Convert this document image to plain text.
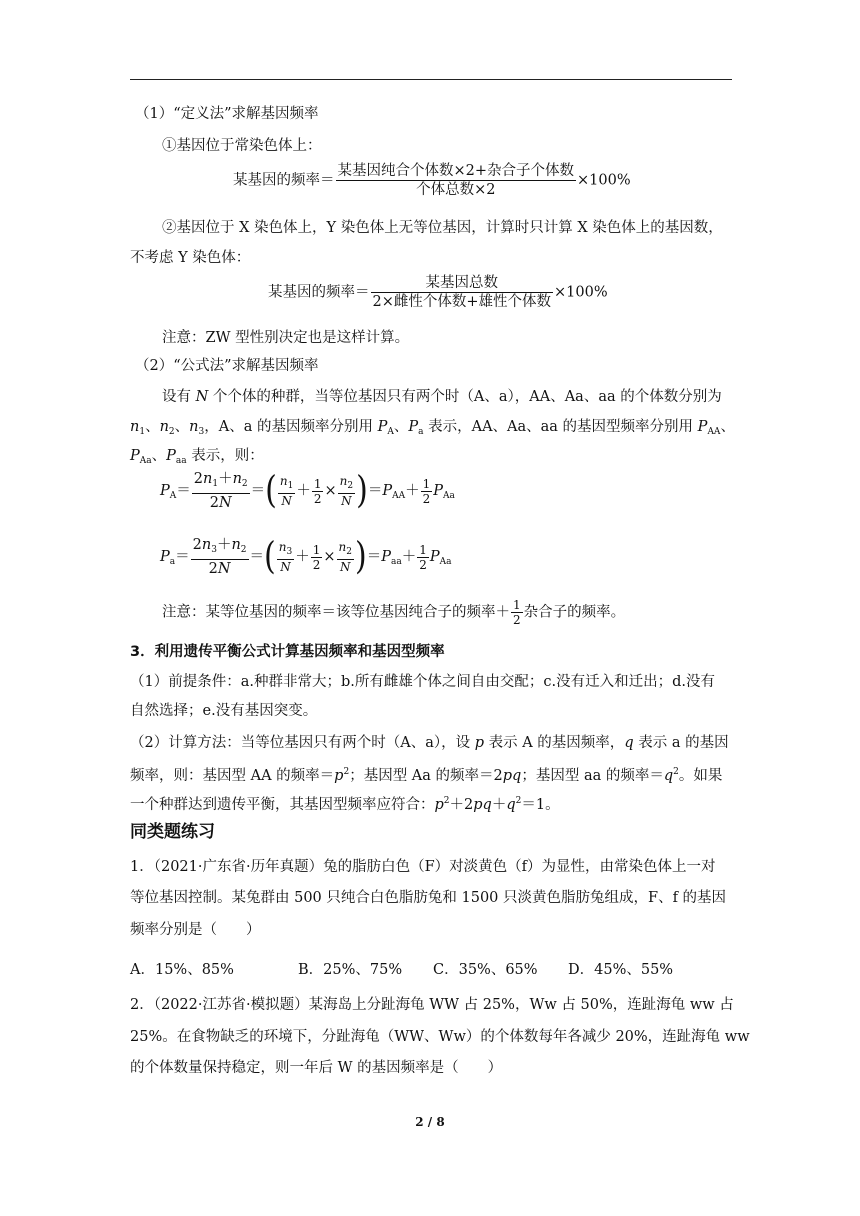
（1）“定义法”求解基因频率
①基因位于常染色体上：
某基因的频率＝ $\frac{\text{某基因纯合个体数×2+杂合子个体数}}{\text{个体总数×2}} \times 100\%$
②基因位于 X 染色体上，Y 染色体上无等位基因，计算时只计算 X 染色体上的基因数，
不考虑 Y 染色体：
某基因的频率＝ $\frac{\text{某基因总数}}{\text{2×雌性个体数+雄性个体数}} \times 100\%$
注意：ZW 型性别决定也是这样计算。
（2）“公式法”求解基因频率
设有 N 个个体的种群，当等位基因只有两个时（A、a），AA、Aa、aa 的个体数分别为
$n_1$、$n_2$、$n_3$，A、a 的基因频率分别用 $P_A$、$P_a$ 表示，AA、Aa、aa 的基因型频率分别用 $P_{AA}$、
$P_{Aa}$、$P_{aa}$ 表示，则：
$P_A= \frac{2n_1+n_2}{2N}$ ＝( $\frac{n_1}{N} + \frac{1}{2} \times \frac{n_2}{N} )=P_{AA}+ \frac{1}{2} P_{Aa}$
$P_a= \frac{2n_3+n_2}{2N}$ ＝( $\frac{n_3}{N} + \frac{1}{2} \times \frac{n_2}{N} )=P_{aa}+ \frac{1}{2} P_{Aa}$
注意：某等位基因的频率＝该等位基因纯合子的频率＋ $\frac{1}{2}$ 杂合子的频率。
3．利用遗传平衡公式计算基因频率和基因型频率
（1）前提条件：a.种群非常大；b.所有雌雄个体之间自由交配；c.没有迁入和迁出；d.没有
自然选择；e.没有基因突变。
（2）计算方法：当等位基因只有两个时（A、a），设 p 表示 A 的基因频率，q 表示 a 的基因
频率，则：基因型 AA 的频率$=p^2$；基因型 Aa 的频率＝2pq；基因型 aa 的频率$=q^2$。如果
一个种群达到遗传平衡，其基因型频率应符合：$p^2+2pq+q^2=1$。
同类题练习
1．（2021·广东省·历年真题）兔的脂肪白色（F）对淡黄色（f）为显性，由常染色体上一对
等位基因控制。某兔群由 500 只纯合白色脂肪兔和 1500 只淡黄色脂肪兔组成，F、f 的基因
频率分别是（　　）
A．15%、85%	B．25%、75% C．35%、65% D．45%、55%
2．（2022·江苏省·模拟题）某海岛上分趾海龟 WW 占 25%，Ww 占 50%，连趾海龟 ww 占
25%。在食物缺乏的环境下，分趾海龟（WW、Ww）的个体数每年各减少 20%，连趾海龟 ww
的个体数量保持稳定，则一年后 W 的基因频率是（　　）
2 / 8
